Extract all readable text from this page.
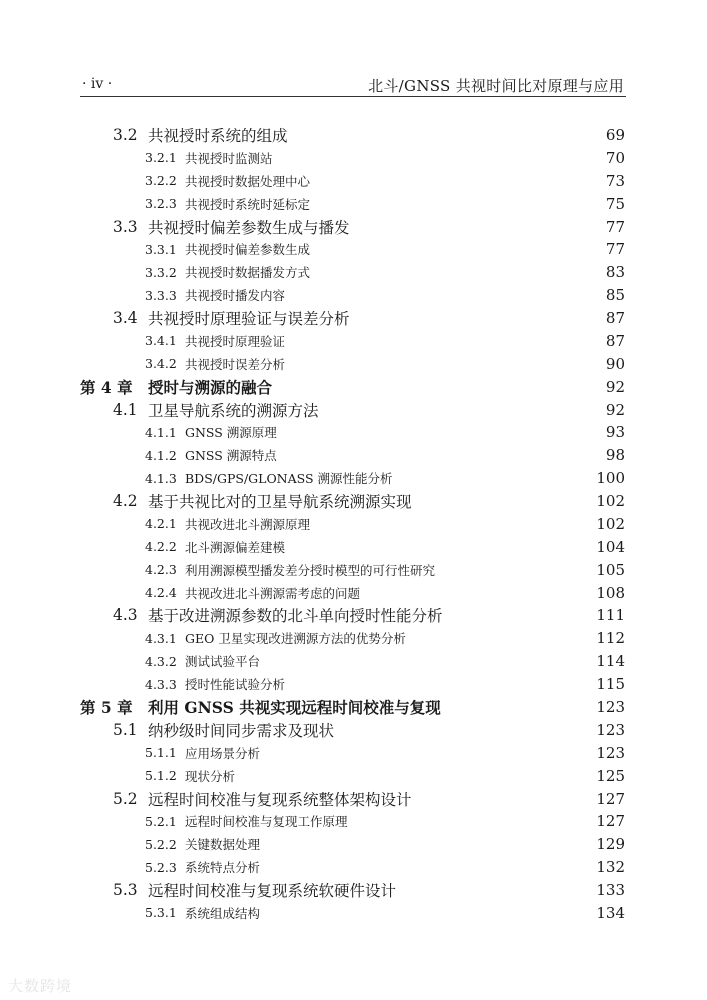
· iv ·	北斗/GNSS 共视时间比对原理与应用
3.2 共视授时系统的组成	69
3.2.1 共视授时监测站	70
3.2.2 共视授时数据处理中心	73
3.2.3 共视授时系统时延标定	75
3.3 共视授时偏差参数生成与播发	77
3.3.1 共视授时偏差参数生成	77
3.3.2 共视授时数据播发方式	83
3.3.3 共视授时播发内容	85
3.4 共视授时原理验证与误差分析	87
3.4.1 共视授时原理验证	87
3.4.2 共视授时误差分析	90
第 4 章 授时与溯源的融合	92
4.1 卫星导航系统的溯源方法	92
4.1.1 GNSS 溯源原理	93
4.1.2 GNSS 溯源特点	98
4.1.3 BDS/GPS/GLONASS 溯源性能分析	100
4.2 基于共视比对的卫星导航系统溯源实现	102
4.2.1 共视改进北斗溯源原理	102
4.2.2 北斗溯源偏差建模	104
4.2.3 利用溯源模型播发差分授时模型的可行性研究	105
4.2.4 共视改进北斗溯源需考虑的问题	108
4.3 基于改进溯源参数的北斗单向授时性能分析	111
4.3.1 GEO 卫星实现改进溯源方法的优势分析	112
4.3.2 测试试验平台	114
4.3.3 授时性能试验分析	115
第 5 章 利用 GNSS 共视实现远程时间校准与复现	123
5.1 纳秒级时间同步需求及现状	123
5.1.1 应用场景分析	123
5.1.2 现状分析	125
5.2 远程时间校准与复现系统整体架构设计	127
5.2.1 远程时间校准与复现工作原理	127
5.2.2 关键数据处理	129
5.2.3 系统特点分析	132
5.3 远程时间校准与复现系统软硬件设计	133
5.3.1 系统组成结构	134
大数跨境
